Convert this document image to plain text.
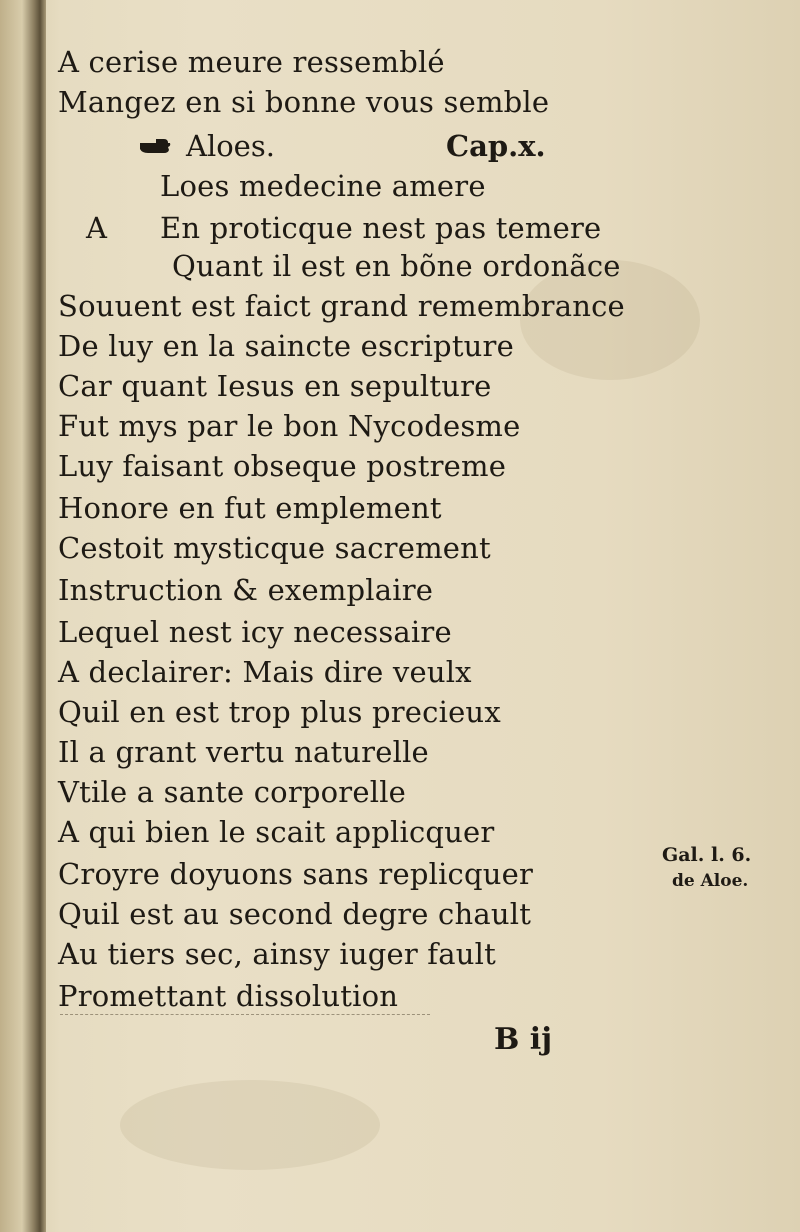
A cerise meure ressemblé
Mangez en si bonne vous semble
Aloes.	Cap.x.
A
Loes medecine amere
En proticque nest pas temere
Quant il est en bõne ordonãce
Souuent est faict grand remembrance
De luy en la saincte escripture
Car quant Iesus en sepulture
Fut mys par le bon Nycodesme
Luy faisant obseque postreme
Honore en fut emplement
Cestoit mysticque sacrement
Instruction & exemplaire
Lequel nest icy necessaire
A declairer: Mais dire veulx
Quil en est trop plus precieux
Il a grant vertu naturelle
Vtile a sante corporelle
A qui bien le scait applicquer
Croyre doyuons sans replicquer
Quil est au second degre chault
Au tiers sec, ainsy iuger fault
Promettant dissolution
Gal. l. 6.
de Aloe.
B ij
